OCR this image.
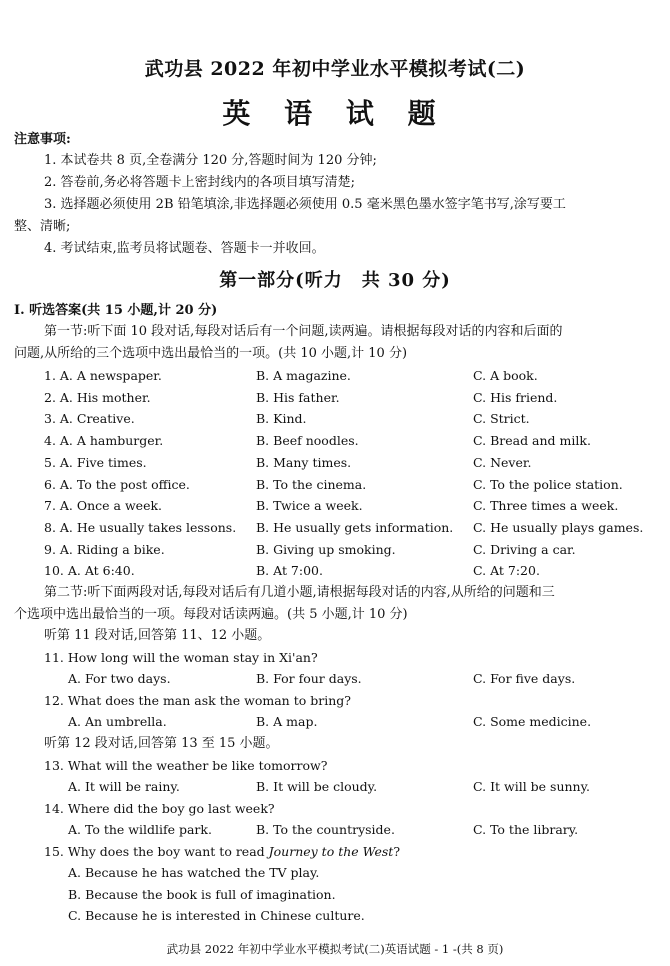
武功县 2022 年初中学业水平模拟考试(二)
英 语 试 题
注意事项:
1. 本试卷共 8 页,全卷满分 120 分,答题时间为 120 分钟;
2. 答卷前,务必将答题卡上密封线内的各项目填写清楚;
3. 选择题必须使用 2B 铅笔填涂,非选择题必须使用 0.5 毫米黑色墨水签字笔书写,涂写要工
整、清晰;
4. 考试结束,监考员将试题卷、答题卡一并收回。
第一部分(听力　共 30 分)
Ⅰ. 听选答案(共 15 小题,计 20 分)
第一节:听下面 10 段对话,每段对话后有一个问题,读两遍。请根据每段对话的内容和后面的
问题,从所给的三个选项中选出最恰当的一项。(共 10 小题,计 10 分)
1. A. A newspaper.	B. A magazine.	C. A book.
2. A. His mother.	B. His father.	C. His friend.
3. A. Creative.	B. Kind.	C. Strict.
4. A. A hamburger.	B. Beef noodles.	C. Bread and milk.
5. A. Five times.	B. Many times.	C. Never.
6. A. To the post office.	B. To the cinema.	C. To the police station.
7. A. Once a week.	B. Twice a week.	C. Three times a week.
8. A. He usually takes lessons. B. He usually gets information. C. He usually plays games.
9. A. Riding a bike.	B. Giving up smoking.	C. Driving a car.
10. A. At 6:40.	B. At 7:00.	C. At 7:20.
第二节:听下面两段对话,每段对话后有几道小题,请根据每段对话的内容,从所给的问题和三
个选项中选出最恰当的一项。每段对话读两遍。(共 5 小题,计 10 分)
听第 11 段对话,回答第 11、12 小题。
11. How long will the woman stay in Xi'an?
A. For two days.	B. For four days.	C. For five days.
12. What does the man ask the woman to bring?
A. An umbrella.	B. A map.	C. Some medicine.
听第 12 段对话,回答第 13 至 15 小题。
13. What will the weather be like tomorrow?
A. It will be rainy.	B. It will be cloudy.	C. It will be sunny.
14. Where did the boy go last week?
A. To the wildlife park.	B. To the countryside.	C. To the library.
15. Why does the boy want to read Journey to the West?
A. Because he has watched the TV play.
B. Because the book is full of imagination.
C. Because he is interested in Chinese culture.
武功县 2022 年初中学业水平模拟考试(二)英语试题 - 1 -(共 8 页)
